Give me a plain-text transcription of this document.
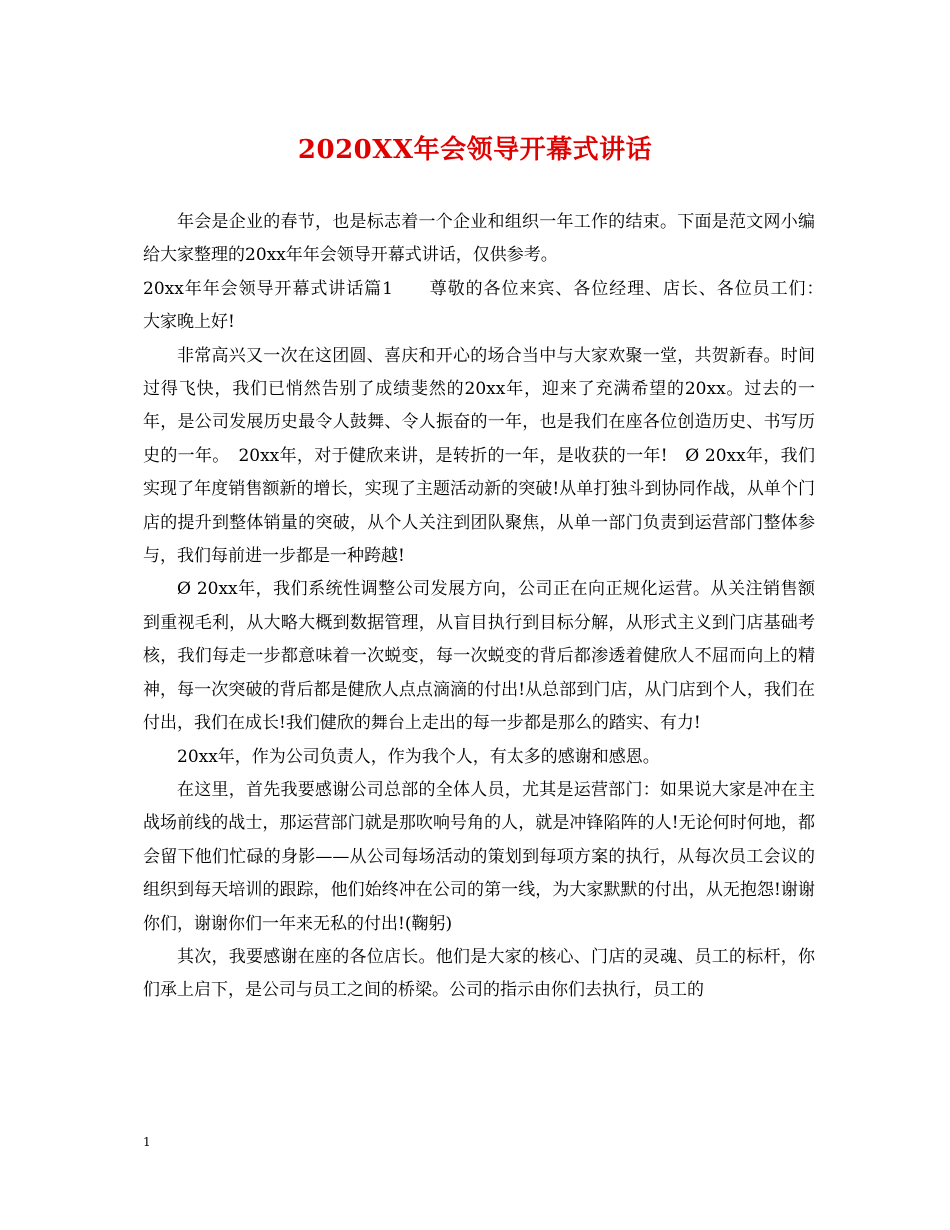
2020XX年会领导开幕式讲话

年会是企业的春节，也是标志着一个企业和组织一年工作的结束。下面是范文网小编给大家整理的20xx年年会领导开幕式讲话，仅供参考。

20xx年年会领导开幕式讲话篇1　　尊敬的各位来宾、各位经理、店长、各位员工们：　大家晚上好!

非常高兴又一次在这团圆、喜庆和开心的场合当中与大家欢聚一堂，共贺新春。时间过得飞快，我们已悄然告别了成绩斐然的20xx年，迎来了充满希望的20xx。过去的一年，是公司发展历史最令人鼓舞、令人振奋的一年，也是我们在座各位创造历史、书写历史的一年。　20xx年，对于健欣来讲，是转折的一年，是收获的一年!　Ø 20xx年，我们实现了年度销售额新的增长，实现了主题活动新的突破!从单打独斗到协同作战，从单个门店的提升到整体销量的突破，从个人关注到团队聚焦，从单一部门负责到运营部门整体参与，我们每前进一步都是一种跨越!

Ø 20xx年，我们系统性调整公司发展方向，公司正在向正规化运营。从关注销售额到重视毛利，从大略大概到数据管理，从盲目执行到目标分解，从形式主义到门店基础考核，我们每走一步都意味着一次蜕变，每一次蜕变的背后都渗透着健欣人不屈而向上的精神，每一次突破的背后都是健欣人点点滴滴的付出!从总部到门店，从门店到个人，我们在付出，我们在成长!我们健欣的舞台上走出的每一步都是那么的踏实、有力!

20xx年，作为公司负责人，作为我个人，有太多的感谢和感恩。

在这里，首先我要感谢公司总部的全体人员，尤其是运营部门：如果说大家是冲在主战场前线的战士，那运营部门就是那吹响号角的人，就是冲锋陷阵的人!无论何时何地，都会留下他们忙碌的身影——从公司每场活动的策划到每项方案的执行，从每次员工会议的组织到每天培训的跟踪，他们始终冲在公司的第一线，为大家默默的付出，从无抱怨!谢谢你们，谢谢你们一年来无私的付出!(鞠躬)

其次，我要感谢在座的各位店长。他们是大家的核心、门店的灵魂、员工的标杆，你们承上启下，是公司与员工之间的桥梁。公司的指示由你们去执行，员工的

1
